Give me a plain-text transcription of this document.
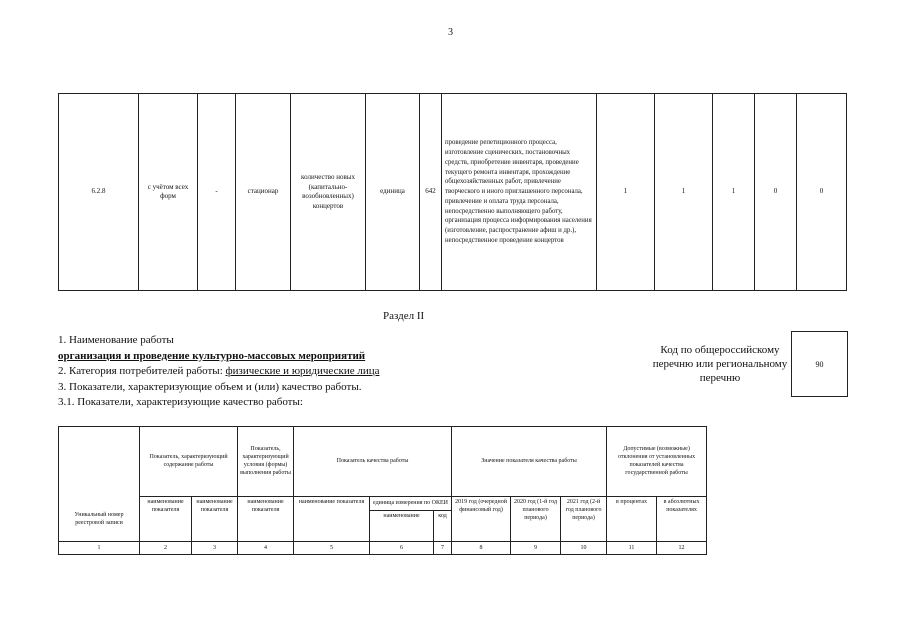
3
6.2.8	с учётом всех форм	-	стационар	количество новых (капитально-возобновленных) концертов	единица	642	проведение репетиционного процесса, изготовление сценических, постановочных средств, приобретение инвентаря, проведение текущего ремонта инвентаря, прохождение общехозяйственных работ, привлечение творческого и иного приглашенного персонала, привлечение и оплата труда персонала, непосредственно выполняющего работу, организация процесса информирования населения (изготовление, распространение афиш и др.), непосредственное проведение концертов	1	1	1	0	0
Раздел II
1. Наименование работы
организация и проведение культурно-массовых мероприятий
2. Категория потребителей работы: физические и юридические лица
3. Показатели, характеризующие объем и (или) качество работы.
3.1. Показатели, характеризующие качество работы:
Код по общероссийскому перечню или региональному перечню
90
Уникальный номер реестровой записи	Показатель, характеризующий содержание работы		Показатель, характеризующий условия (формы) выполнения работы	Показатель качества работы			Значение показателя качества работы			Допустимые (возможные) отклонения от установленных показателей качества государственной работы	
	наименование показателя	наименование показателя	наименование показателя	наименование показателя	единица измерения по ОКЕИ		2019 год (очередной финансовый год)	2020 год (1-й год планового периода)	2021 год (2-й год планового периода)	в процентах	в абсолютных показателях
					наименование	код					
1	2	3	4	5	6	7	8	9	10	11	12
